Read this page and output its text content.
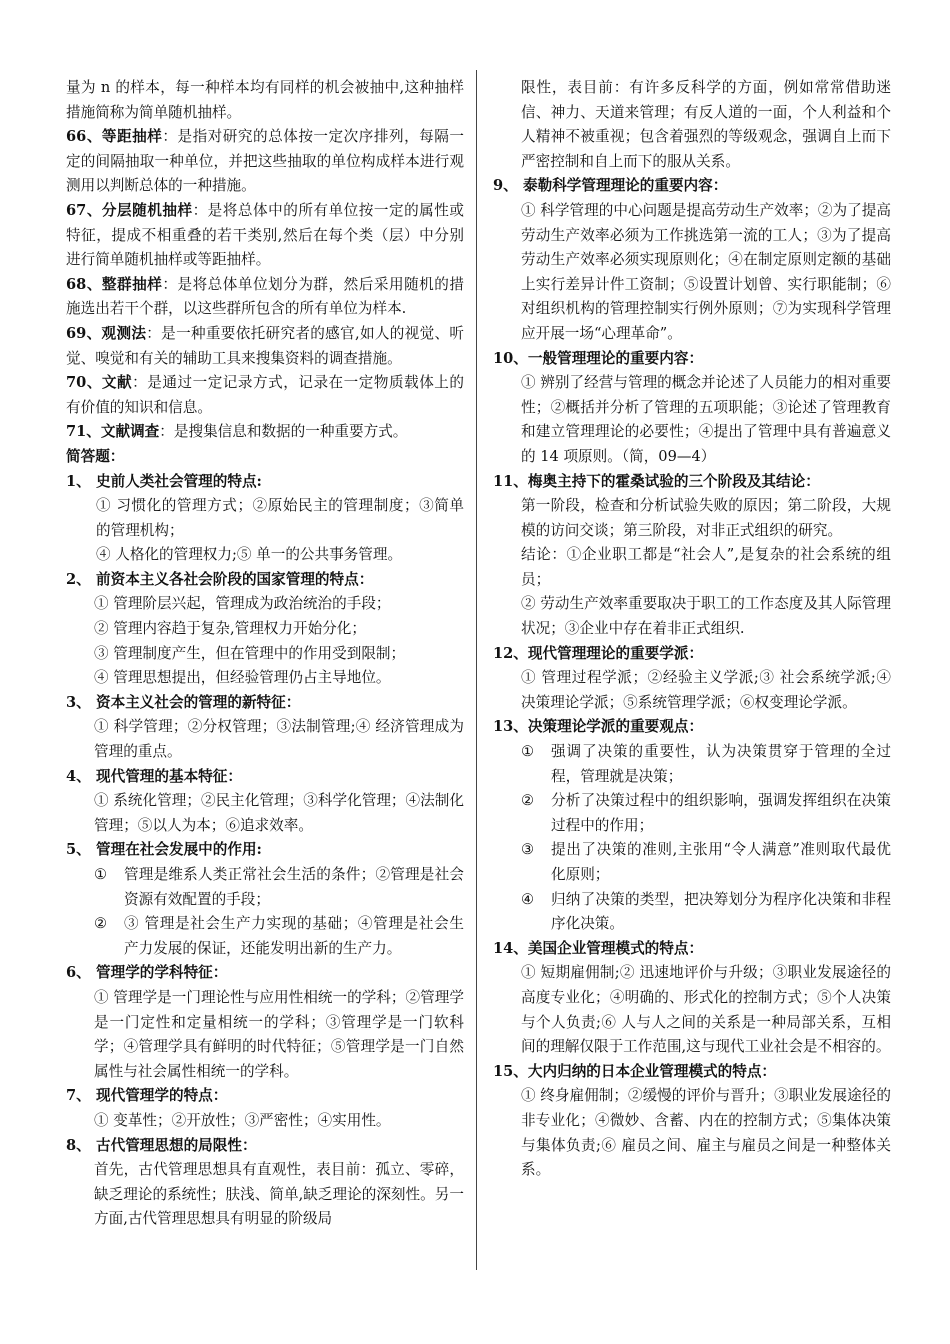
量为 n 的样本，每一种样本均有同样的机会被抽中,这种抽样措施简称为简单随机抽样。
66、等距抽样：是指对研究的总体按一定次序排列，每隔一定的间隔抽取一种单位，并把这些抽取的单位构成样本进行观测用以判断总体的一种措施。
67、分层随机抽样：是将总体中的所有单位按一定的属性或特征，提成不相重叠的若干类别,然后在每个类（层）中分别进行简单随机抽样或等距抽样。
68、整群抽样：是将总体单位划分为群，然后采用随机的措施选出若干个群，以这些群所包含的所有单位为样本.
69、观测法：是一种重要依托研究者的感官,如人的视觉、听觉、嗅觉和有关的辅助工具来搜集资料的调查措施。
70、文献：是通过一定记录方式，记录在一定物质载体上的有价值的知识和信息。
71、文献调查：是搜集信息和数据的一种重要方式。
简答题：
1、 史前人类社会管理的特点:
① 习惯化的管理方式；②原始民主的管理制度；③简单的管理机构；
④ 人格化的管理权力;⑤ 单一的公共事务管理。
2、 前资本主义各社会阶段的国家管理的特点：
① 管理阶层兴起，管理成为政治统治的手段；
② 管理内容趋于复杂,管理权力开始分化；
③ 管理制度产生，但在管理中的作用受到限制；
④ 管理思想提出，但经验管理仍占主导地位。
3、 资本主义社会的管理的新特征：
① 科学管理；②分权管理；③法制管理;④ 经济管理成为管理的重点。
4、 现代管理的基本特征：
① 系统化管理；②民主化管理；③科学化管理；④法制化管理；⑤以人为本；⑥追求效率。
5、 管理在社会发展中的作用:
①	管理是维系人类正常社会生活的条件；②管理是社会资源有效配置的手段；
②	③ 管理是社会生产力实现的基础；④管理是社会生产力发展的保证，还能发明出新的生产力。
6、 管理学的学科特征：
① 管理学是一门理论性与应用性相统一的学科；②管理学是一门定性和定量相统一的学科；③管理学是一门软科学；④管理学具有鲜明的时代特征；⑤管理学是一门自然属性与社会属性相统一的学科。
7、 现代管理学的特点：
① 变革性；②开放性；③严密性；④实用性。
8、 古代管理思想的局限性：
首先，古代管理思想具有直观性，表目前：孤立、零碎，缺乏理论的系统性；肤浅、简单,缺乏理论的深刻性。另一方面,古代管理思想具有明显的阶级局
限性，表目前：有许多反科学的方面，例如常常借助迷信、神力、天道来管理；有反人道的一面，个人利益和个人精神不被重视；包含着强烈的等级观念，强调自上而下严密控制和自上而下的服从关系。
9、 泰勒科学管理理论的重要内容：
① 科学管理的中心问题是提高劳动生产效率；②为了提高劳动生产效率必须为工作挑选第一流的工人；③为了提高劳动生产效率必须实现原则化；④在制定原则定额的基础上实行差异计件工资制；⑤设置计划曾、实行职能制；⑥对组织机构的管理控制实行例外原则；⑦为实现科学管理应开展一场“心理革命”。
10、 一般管理理论的重要内容：
① 辨别了经营与管理的概念并论述了人员能力的相对重要性；②概括并分析了管理的五项职能；③论述了管理教育和建立管理理论的必要性；④提出了管理中具有普遍意义的 14 项原则。（简，09—4）
11、 梅奥主持下的霍桑试验的三个阶段及其结论：
第一阶段，检查和分析试验失败的原因；第二阶段，大规模的访问交谈；第三阶段，对非正式组织的研究。
结论：①企业职工都是“社会人”,是复杂的社会系统的组员；
② 劳动生产效率重要取决于职工的工作态度及其人际管理状况；③企业中存在着非正式组织.
12、 现代管理理论的重要学派：
① 管理过程学派；②经验主义学派;③ 社会系统学派;④ 决策理论学派；⑤系统管理学派；⑥权变理论学派。
13、 决策理论学派的重要观点：
①	强调了决策的重要性，认为决策贯穿于管理的全过程，管理就是决策；
②	分析了决策过程中的组织影响，强调发挥组织在决策过程中的作用；
③	提出了决策的准则,主张用“令人满意”准则取代最优化原则；
④	归纳了决策的类型，把决筹划分为程序化决策和非程序化决策。
14、 美国企业管理模式的特点：
① 短期雇佣制;② 迅速地评价与升级；③职业发展途径的高度专业化；④明确的、形式化的控制方式；⑤个人决策与个人负责;⑥ 人与人之间的关系是一种局部关系，互相间的理解仅限于工作范围,这与现代工业社会是不相容的。
15、 大内归纳的日本企业管理模式的特点：
① 终身雇佣制；②缓慢的评价与晋升；③职业发展途径的非专业化；④微妙、含蓄、内在的控制方式；⑤集体决策与集体负责;⑥ 雇员之间、雇主与雇员之间是一种整体关系。
